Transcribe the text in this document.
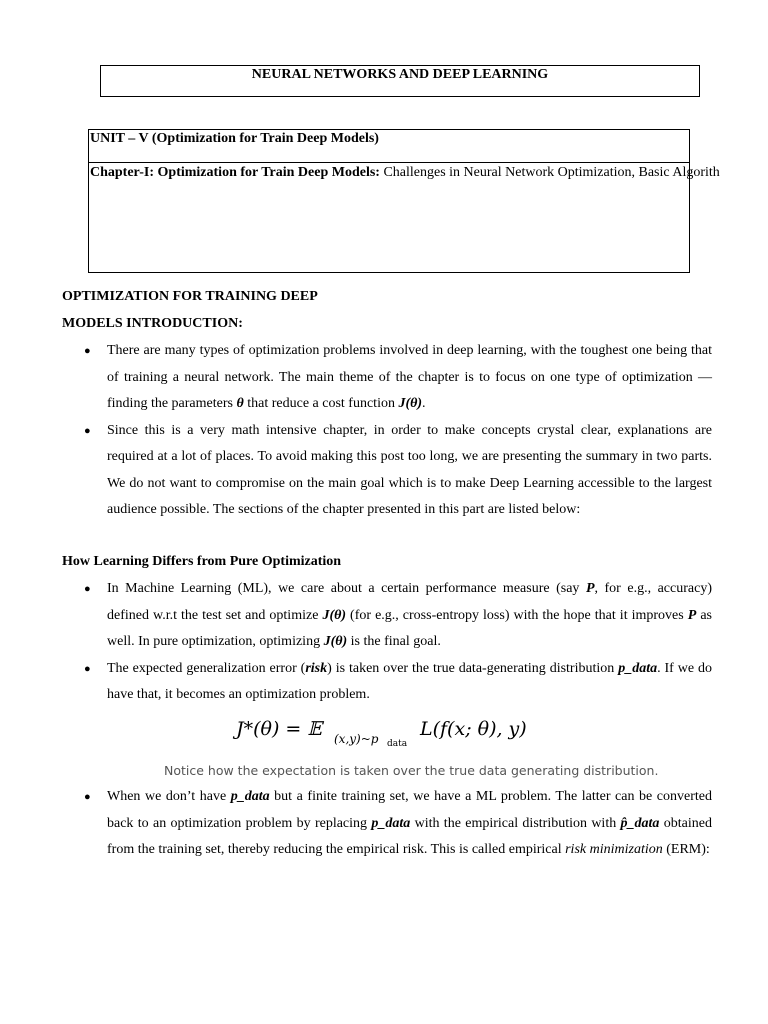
NEURAL NETWORKS AND DEEP LEARNING
UNIT – V (Optimization for Train Deep Models)
Chapter-I: Optimization for Train Deep Models: Challenges in Neural Network Optimization, Basic Algorith
OPTIMIZATION FOR TRAINING DEEP
MODELS INTRODUCTION:
● There are many types of optimization problems involved in deep learning, with the toughest one being that of training a neural network. The main theme of the chapter is to focus on one type of optimization — finding the parameters θ that reduce a cost function J(θ).
● Since this is a very math intensive chapter, in order to make concepts crystal clear, explanations are required at a lot of places. To avoid making this post too long, we are presenting the summary in two parts. We do not want to compromise on the main goal which is to make Deep Learning accessible to the largest audience possible. The sections of the chapter presented in this part are listed below:
How Learning Differs from Pure Optimization
● In Machine Learning (ML), we care about a certain performance measure (say P, for e.g., accuracy) defined w.r.t the test set and optimize J(θ) (for e.g., cross-entropy loss) with the hope that it improves P as well. In pure optimization, optimizing J(θ) is the final goal.
● The expected generalization error (risk) is taken over the true data-generating distribution p_data. If we do have that, it becomes an optimization problem.
J*(θ) = 𝔼 (x,y)~p data
L(f(x; θ), y)
Notice how the expectation is taken over the true data generating distribution.
● When we don’t have p_data but a finite training set, we have a ML problem. The latter can be converted back to an optimization problem by replacing p_data with the empirical distribution with p̂_data obtained from the training set, thereby reducing the empirical risk. This is called empirical risk minimization (ERM):
